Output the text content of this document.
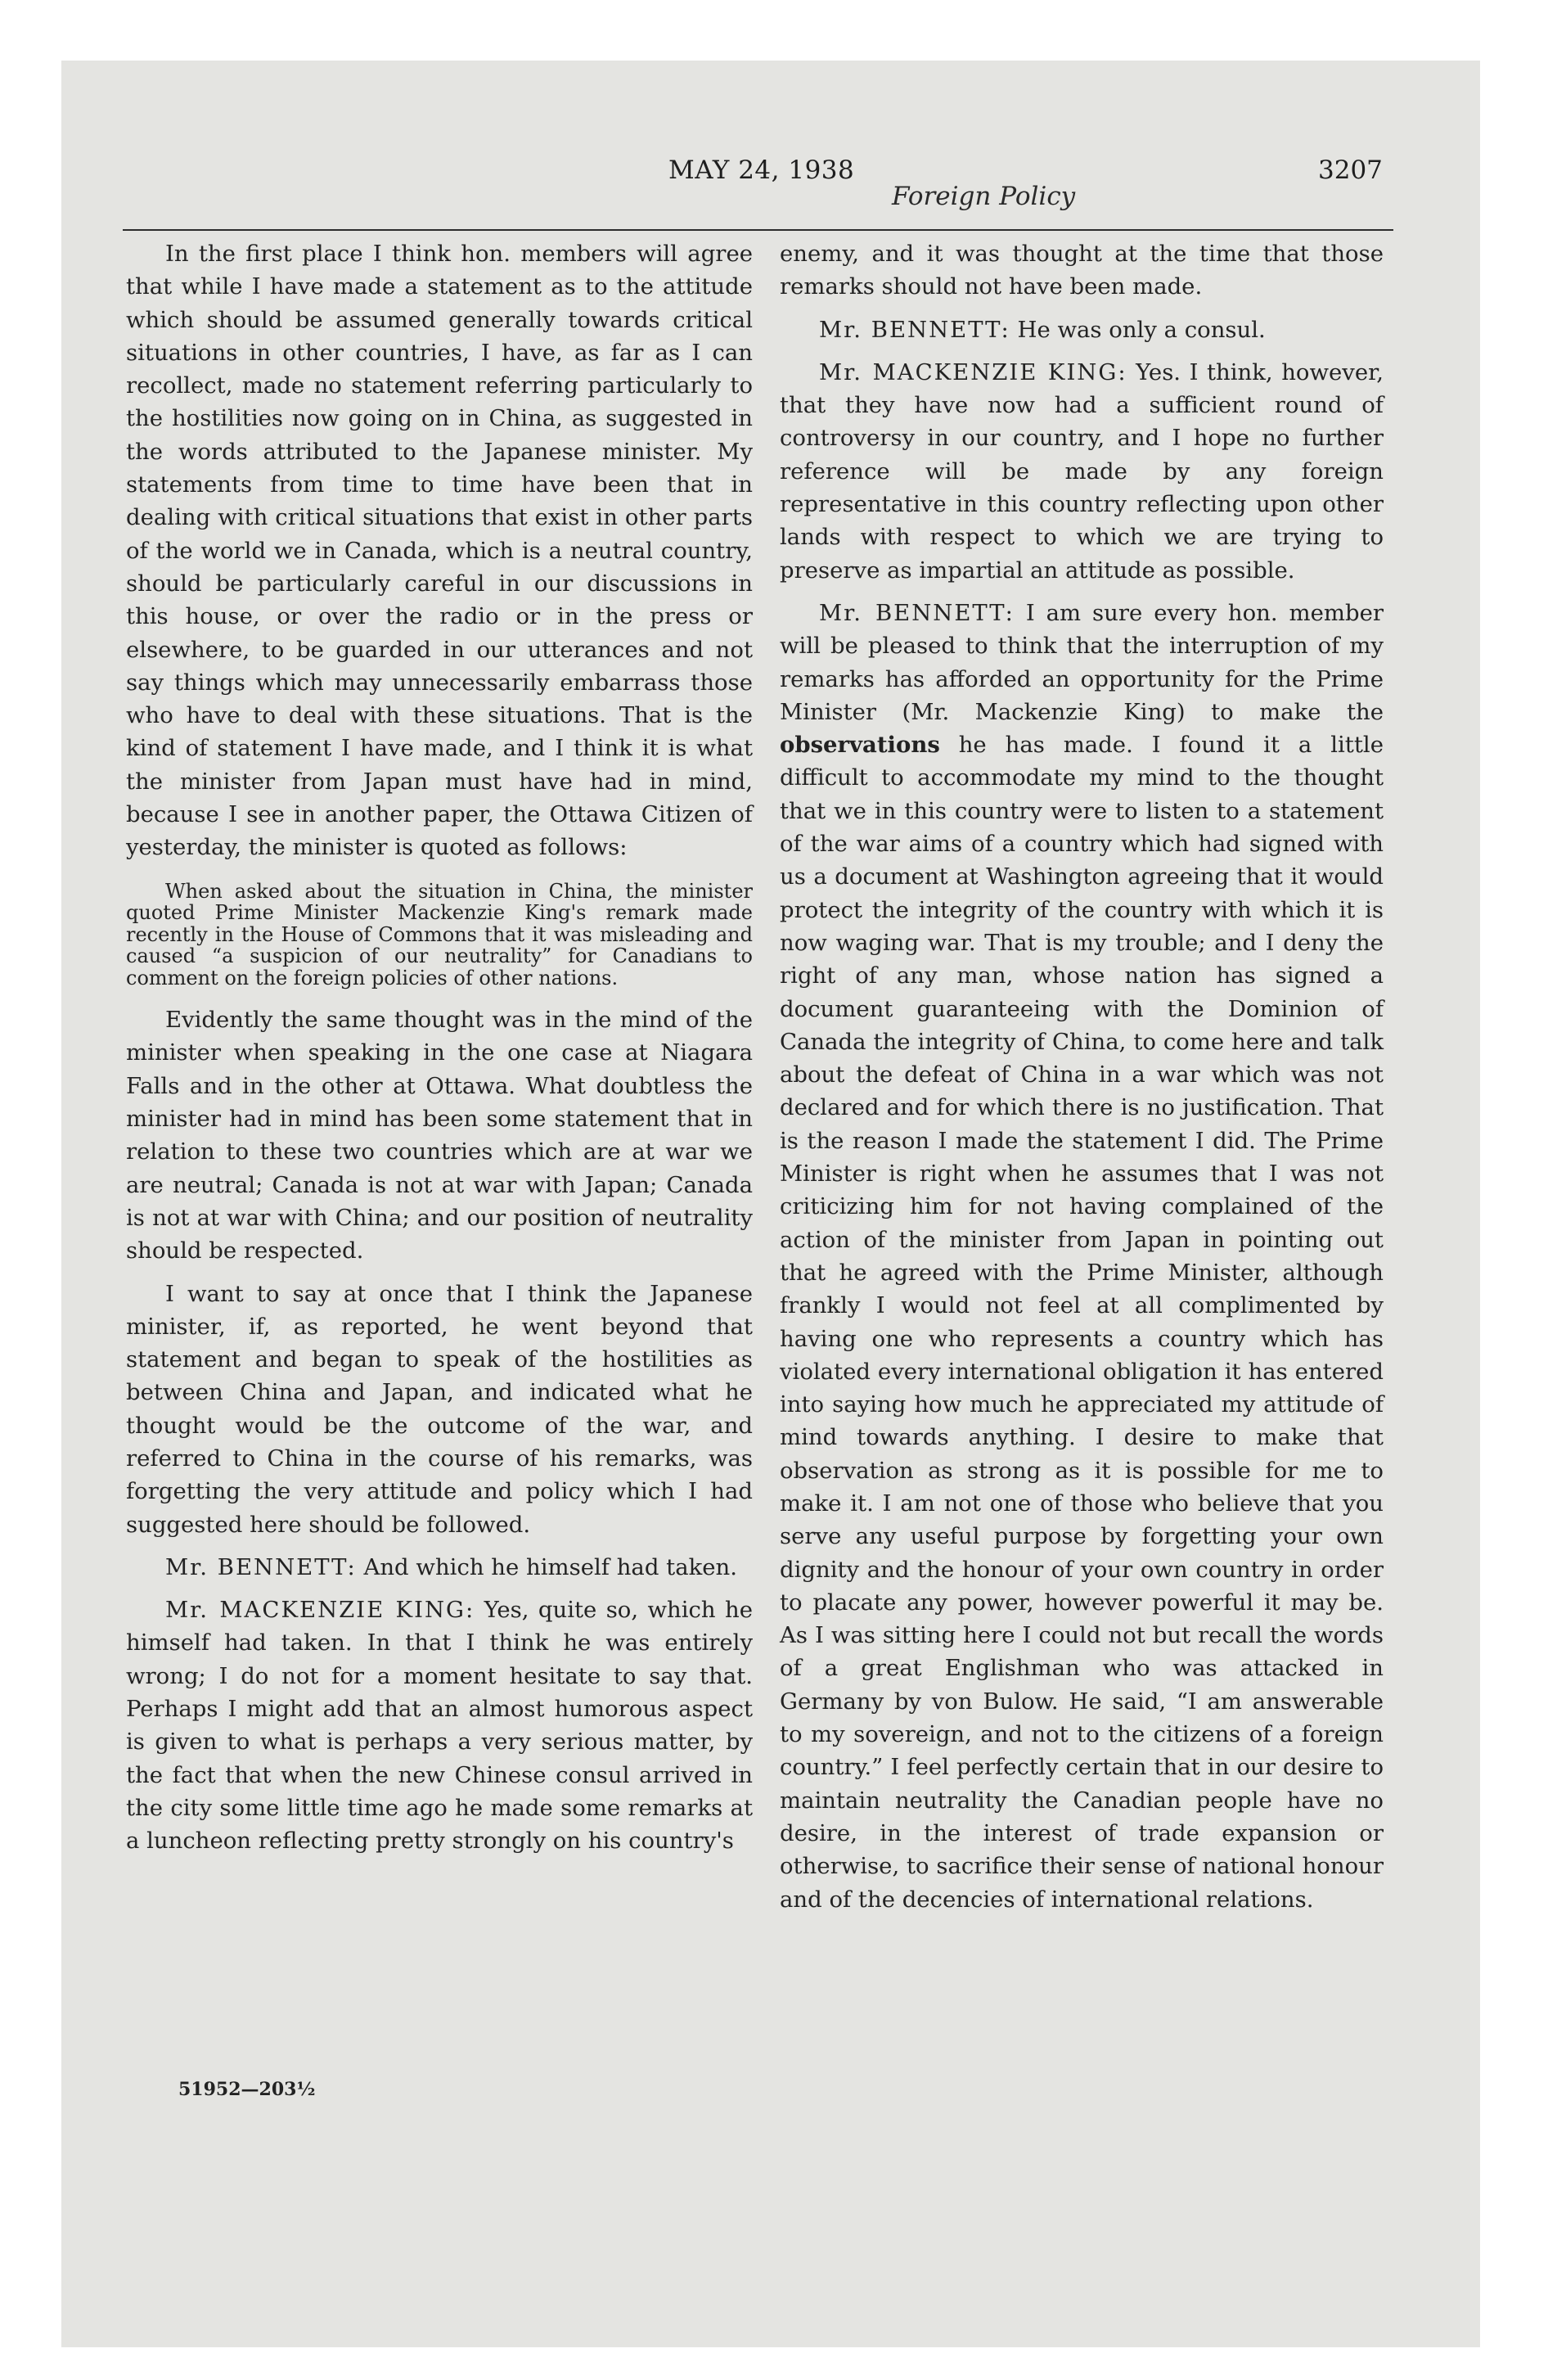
MAY 24, 1938
Foreign Policy
3207

In the first place I think hon. members will agree that while I have made a statement as to the attitude which should be assumed generally towards critical situations in other countries, I have, as far as I can recollect, made no statement referring particularly to the hostilities now going on in China, as suggested in the words attributed to the Japanese minister. My statements from time to time have been that in dealing with critical situations that exist in other parts of the world we in Canada, which is a neutral country, should be particularly careful in our discussions in this house, or over the radio or in the press or elsewhere, to be guarded in our utterances and not say things which may unnecessarily embarrass those who have to deal with these situations. That is the kind of statement I have made, and I think it is what the minister from Japan must have had in mind, because I see in another paper, the Ottawa Citizen of yesterday, the minister is quoted as follows:

When asked about the situation in China, the minister quoted Prime Minister Mackenzie King's remark made recently in the House of Commons that it was misleading and caused “a suspicion of our neutrality” for Canadians to comment on the foreign policies of other nations.

Evidently the same thought was in the mind of the minister when speaking in the one case at Niagara Falls and in the other at Ottawa. What doubtless the minister had in mind has been some statement that in relation to these two countries which are at war we are neutral; Canada is not at war with Japan; Canada is not at war with China; and our position of neutrality should be respected.

I want to say at once that I think the Japanese minister, if, as reported, he went beyond that statement and began to speak of the hostilities as between China and Japan, and indicated what he thought would be the outcome of the war, and referred to China in the course of his remarks, was forgetting the very attitude and policy which I had suggested here should be followed.

Mr. BENNETT: And which he himself had taken.

Mr. MACKENZIE KING: Yes, quite so, which he himself had taken. In that I think he was entirely wrong; I do not for a moment hesitate to say that. Perhaps I might add that an almost humorous aspect is given to what is perhaps a very serious matter, by the fact that when the new Chinese consul arrived in the city some little time ago he made some remarks at a luncheon reflecting pretty strongly on his country's

enemy, and it was thought at the time that those remarks should not have been made.

Mr. BENNETT: He was only a consul.

Mr. MACKENZIE KING: Yes. I think, however, that they have now had a sufficient round of controversy in our country, and I hope no further reference will be made by any foreign representative in this country reflecting upon other lands with respect to which we are trying to preserve as impartial an attitude as possible.

Mr. BENNETT: I am sure every hon. member will be pleased to think that the interruption of my remarks has afforded an opportunity for the Prime Minister (Mr. Mackenzie King) to make the observations he has made. I found it a little difficult to accommodate my mind to the thought that we in this country were to listen to a statement of the war aims of a country which had signed with us a document at Washington agreeing that it would protect the integrity of the country with which it is now waging war. That is my trouble; and I deny the right of any man, whose nation has signed a document guaranteeing with the Dominion of Canada the integrity of China, to come here and talk about the defeat of China in a war which was not declared and for which there is no justification. That is the reason I made the statement I did. The Prime Minister is right when he assumes that I was not criticizing him for not having complained of the action of the minister from Japan in pointing out that he agreed with the Prime Minister, although frankly I would not feel at all complimented by having one who represents a country which has violated every international obligation it has entered into saying how much he appreciated my attitude of mind towards anything. I desire to make that observation as strong as it is possible for me to make it. I am not one of those who believe that you serve any useful purpose by forgetting your own dignity and the honour of your own country in order to placate any power, however powerful it may be. As I was sitting here I could not but recall the words of a great Englishman who was attacked in Germany by von Bulow. He said, “I am answerable to my sovereign, and not to the citizens of a foreign country.” I feel perfectly certain that in our desire to maintain neutrality the Canadian people have no desire, in the interest of trade expansion or otherwise, to sacrifice their sense of national honour and of the decencies of international relations.

51952—203½
